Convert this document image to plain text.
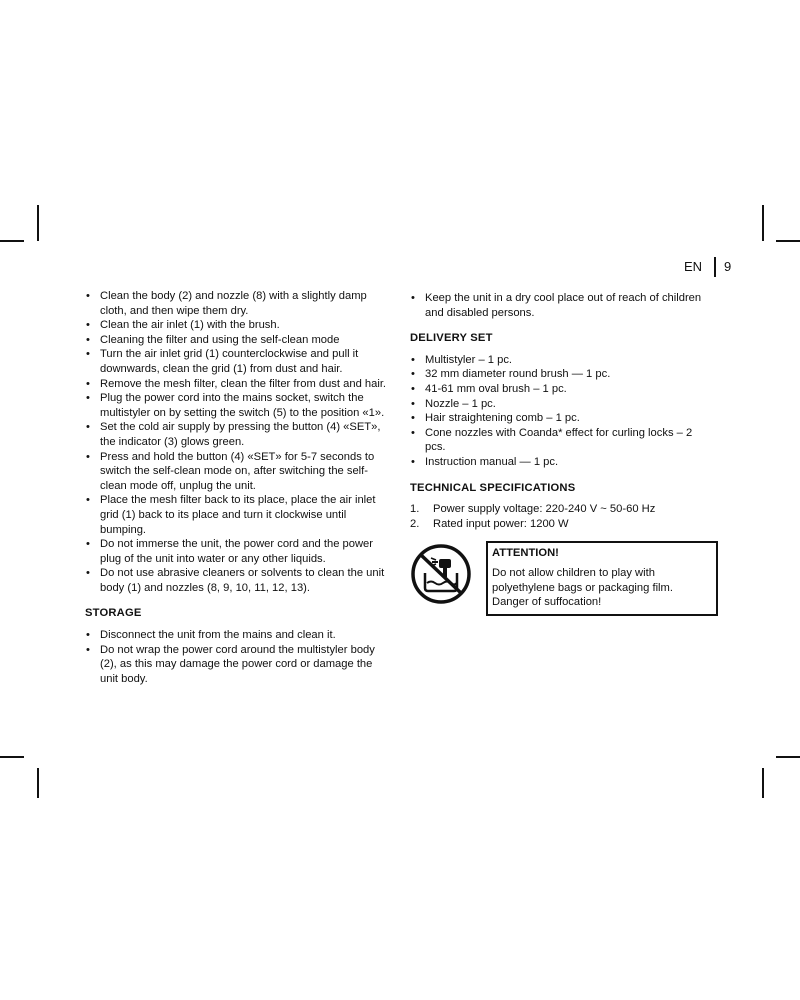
EN 9
• Clean the body (2) and nozzle (8) with a slightly damp cloth, and then wipe them dry.
• Clean the air inlet (1) with the brush.
• Cleaning the filter and using the self-clean mode
• Turn the air inlet grid (1) counterclockwise and pull it downwards, clean the grid (1) from dust and hair.
• Remove the mesh filter, clean the filter from dust and hair.
• Plug the power cord into the mains socket, switch the multistyler on by setting the switch (5) to the position «1».
• Set the cold air supply by pressing the button (4) «SET», the indicator (3) glows green.
• Press and hold the button (4) «SET» for 5-7 seconds to switch the self-clean mode on, after switching the self-clean mode off, unplug the unit.
• Place the mesh filter back to its place, place the air inlet grid (1) back to its place and turn it clockwise until bumping.
• Do not immerse the unit, the power cord and the power plug of the unit into water or any other liquids.
• Do not use abrasive cleaners or solvents to clean the unit body (1) and nozzles (8, 9, 10, 11, 12, 13).
STORAGE
• Disconnect the unit from the mains and clean it.
• Do not wrap the power cord around the multistyler body (2), as this may damage the power cord or damage the unit body.
• Keep the unit in a dry cool place out of reach of children and disabled persons.
DELIVERY SET
• Multistyler – 1 pc.
• 32 mm diameter round brush — 1 pc.
• 41-61 mm oval brush – 1 pc.
• Nozzle – 1 pc.
• Hair straightening comb – 1 pc.
• Cone nozzles with Coanda* effect for curling locks – 2 pcs.
• Instruction manual — 1 pc.
TECHNICAL SPECIFICATIONS
1. Power supply voltage: 220-240 V ~ 50-60 Hz
2. Rated input power: 1200 W
ATTENTION!

Do not allow children to play with polyethylene bags or packaging film. Danger of suffocation!
